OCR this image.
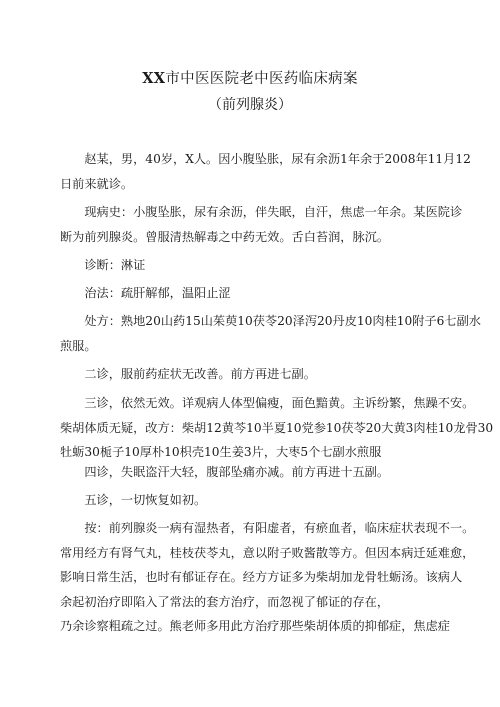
XX市中医医院老中医药临床病案
（前列腺炎）
　　赵某，男，40岁，X人。因小腹坠胀，尿有余沥1年余于2008年11月12
日前来就诊。
　　现病史：小腹坠胀，尿有余沥，伴失眠，自汗，焦虑一年余。某医院诊
断为前列腺炎。曾服清热解毒之中药无效。舌白苔润，脉沉。
　　诊断：淋证
　　治法：疏肝解郁，温阳止涩
　　处方：熟地20山药15山茱萸10茯苓20泽泻20丹皮10肉桂10附子6七副水
煎服。
　　二诊，服前药症状无改善。前方再进七副。
　　三诊，依然无效。详观病人体型偏瘦，面色黯黄。主诉纷繁，焦躁不安。
柴胡体质无疑，改方：柴胡12黄芩10半夏10党参10茯苓20大黄3肉桂10龙骨30
牡蛎30栀子10厚朴10枳壳10生姜3片，大枣5个七副水煎服
　　四诊，失眠盗汗大轻，腹部坠痛亦减。前方再进十五副。
　　五诊，一切恢复如初。
　　按：前列腺炎一病有湿热者，有阳虚者，有瘀血者，临床症状表现不一。
常用经方有肾气丸，桂枝茯苓丸，意以附子败酱散等方。但因本病迁延难愈，
影响日常生活，也时有郁证存在。经方方证多为柴胡加龙骨牡蛎汤。该病人
余起初治疗即陷入了常法的套方治疗，而忽视了郁证的存在，
乃余诊察粗疏之过。熊老师多用此方治疗那些柴胡体质的抑郁症，焦虑症
